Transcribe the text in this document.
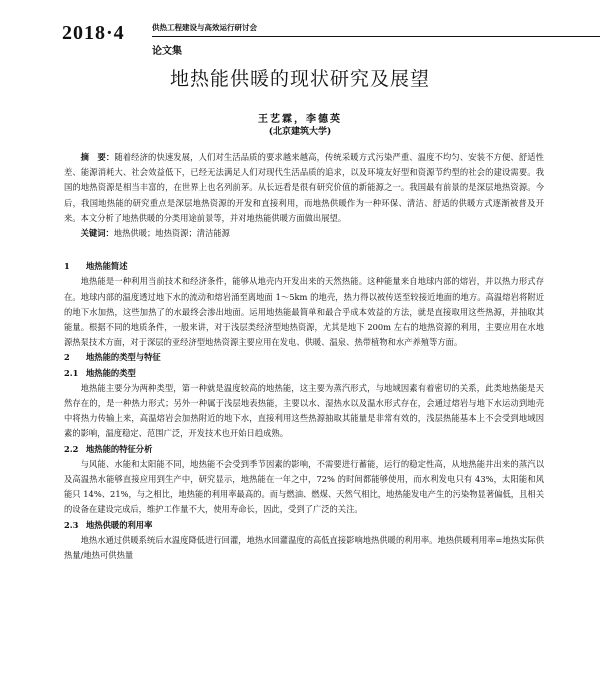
2018·4	供热工程建设与高效运行研讨会
论文集
地热能供暖的现状研究及展望
王艺霖，李德英
(北京建筑大学)

摘　要：随着经济的快速发展，人们对生活品质的要求越来越高，传统采暖方式污染严重、温度不均匀、安装不方便、舒适性差、能源消耗大、社会效益低下，已经无法满足人们对现代生活品质的追求，以及环境友好型和资源节约型的社会的建设需要。我国的地热资源是相当丰富的，在世界上也名列前茅。从长远看是很有研究价值的新能源之一。我国最有前景的是深层地热资源。今后，我国地热能的研究重点是深层地热资源的开发和直接利用，而地热供暖作为一种环保、清洁、舒适的供暖方式逐渐被普及开来。本文分析了地热供暖的分类用途前景等，并对地热能供暖方面做出展望。

关键词：地热供暖；地热资源；清洁能源

1 地热能简述

地热能是一种利用当前技术和经济条件，能够从地壳内开发出来的天然热能。这种能量来自地球内部的熔岩，并以热力形式存在。地球内部的温度透过地下水的流动和熔岩涌至离地面 1～5km 的地壳，热力得以被传送至较接近地面的地方。高温熔岩将附近的地下水加热，这些加热了的水最终会渗出地面。运用地热能最简单和最合乎成本效益的方法，就是直接取用这些热源，并抽取其能量。根据不同的地质条件，一般来讲，对于浅层类经济型地热资源，尤其是地下 200m 左右的地热资源的利用，主要应用在水地源热泵技术方面，对于深层的亚经济型地热资源主要应用在发电、供暖、温泉、热带植物和水产养殖等方面。

2 地热能的类型与特征
2.1 地热能的类型

地热能主要分为两种类型，第一种就是温度较高的地热能，这主要为蒸汽形式，与地域因素有着密切的关系，此类地热能是天然存在的，是一种热力形式；另外一种属于浅层地表热能，主要以水、湿热水以及温水形式存在，会通过熔岩与地下水运动到地壳中将热力传输上来，高温熔岩会加热附近的地下水，直接利用这些热源抽取其能量是非常有效的，浅层热能基本上不会受到地域因素的影响，温度稳定、范围广泛，开发技术也开始日趋成熟。

2.2 地热能的特征分析

与风能、水能和太阳能不同，地热能不会受到季节因素的影响，不需要进行蓄能，运行的稳定性高，从地热能井出来的蒸汽以及高温热水能够直接应用到生产中，研究显示，地热能在一年之中，72% 的时间都能够使用，而水利发电只有 43%，太阳能和风能只 14%、21%，与之相比，地热能的利用率最高的。而与燃油、燃煤、天然气相比，地热能发电产生的污染物显著偏低，且相关的设备在建设完成后，维护工作量不大，使用寿命长，因此，受到了广泛的关注。

2.3 地热供暖的利用率

地热水通过供暖系统后水温度降低进行回灌，地热水回灌温度的高低直接影响地热供暖的利用率。地热供暖利用率=地热实际供热量/地热可供热量
